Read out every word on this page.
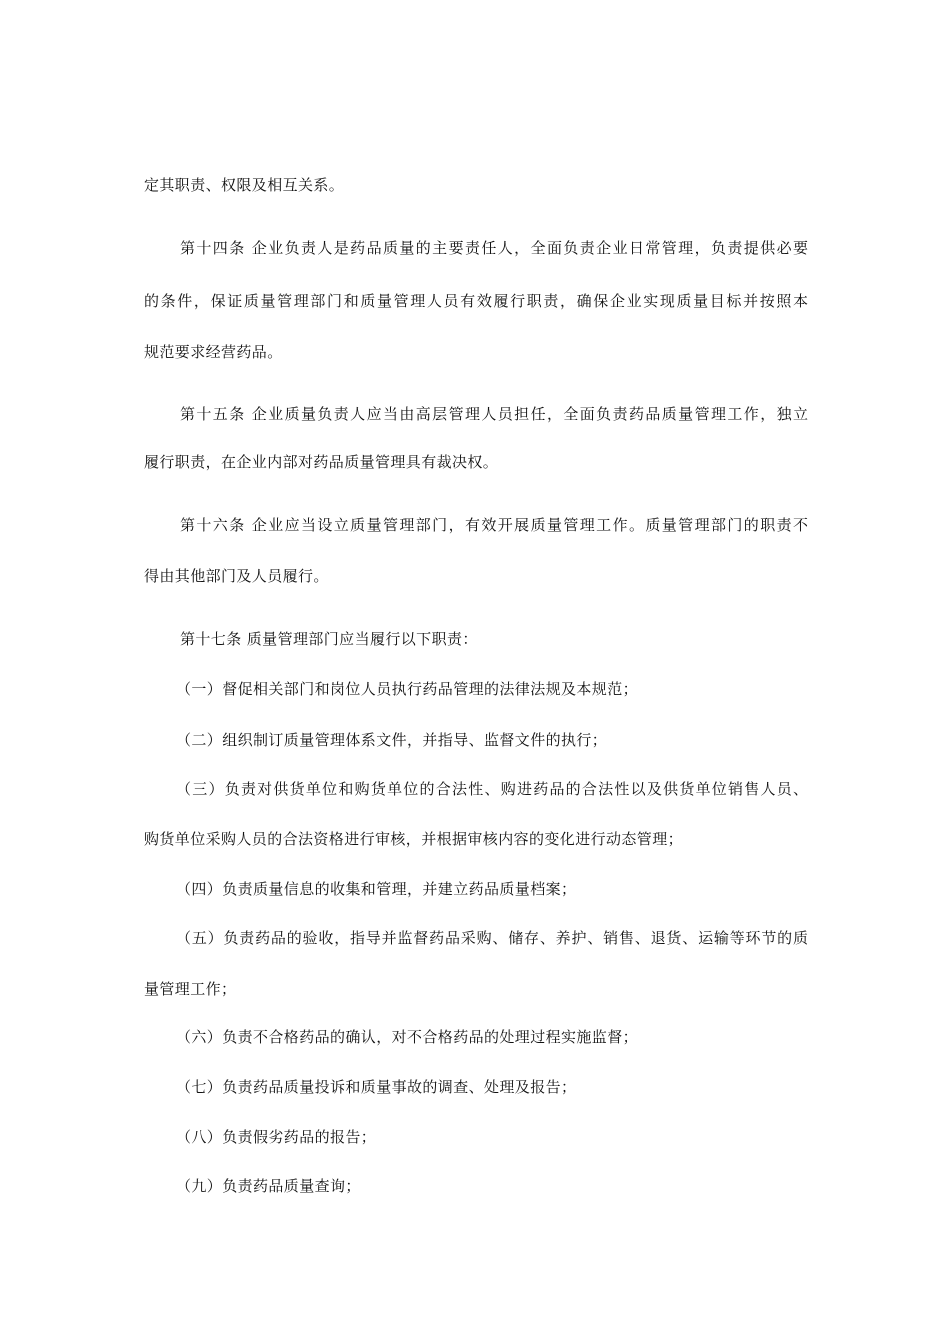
定其职责、权限及相互关系。
第十四条 企业负责人是药品质量的主要责任人，全面负责企业日常管理，负责提供必要
的条件，保证质量管理部门和质量管理人员有效履行职责，确保企业实现质量目标并按照本
规范要求经营药品。
第十五条 企业质量负责人应当由高层管理人员担任，全面负责药品质量管理工作，独立
履行职责，在企业内部对药品质量管理具有裁决权。
第十六条 企业应当设立质量管理部门，有效开展质量管理工作。质量管理部门的职责不
得由其他部门及人员履行。
第十七条 质量管理部门应当履行以下职责：
（一）督促相关部门和岗位人员执行药品管理的法律法规及本规范；
（二）组织制订质量管理体系文件，并指导、监督文件的执行；
（三）负责对供货单位和购货单位的合法性、购进药品的合法性以及供货单位销售人员、
购货单位采购人员的合法资格进行审核，并根据审核内容的变化进行动态管理；
（四）负责质量信息的收集和管理，并建立药品质量档案；
（五）负责药品的验收，指导并监督药品采购、储存、养护、销售、退货、运输等环节的质
量管理工作；
（六）负责不合格药品的确认，对不合格药品的处理过程实施监督；
（七）负责药品质量投诉和质量事故的调查、处理及报告；
（八）负责假劣药品的报告；
（九）负责药品质量查询；
